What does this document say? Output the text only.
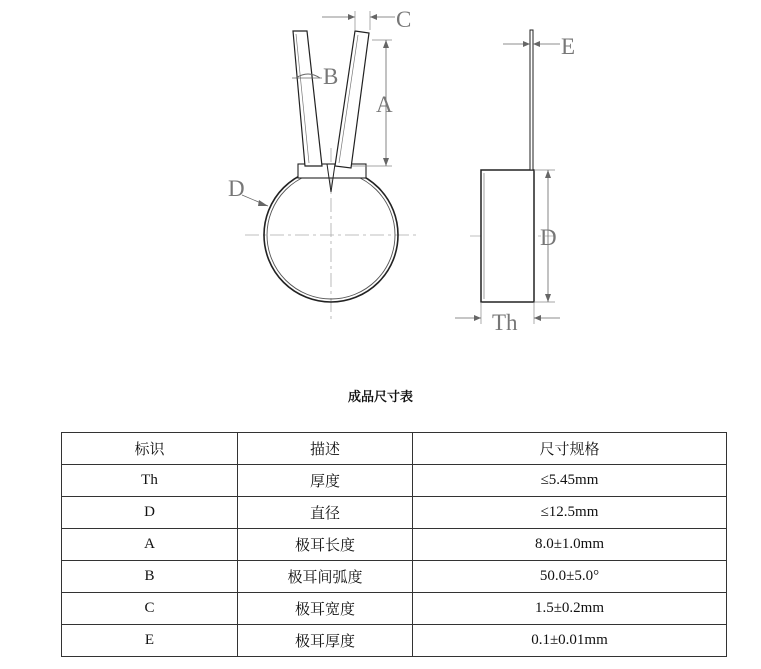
B
C
A
D
E
D
Th
成品尺寸表
标识	描述	尺寸规格
Th	厚度	≤5.45mm
D	直径	≤12.5mm
A	极耳长度	8.0±1.0mm
B	极耳间弧度	50.0±5.0°
C	极耳宽度	1.5±0.2mm
E	极耳厚度	0.1±0.01mm
